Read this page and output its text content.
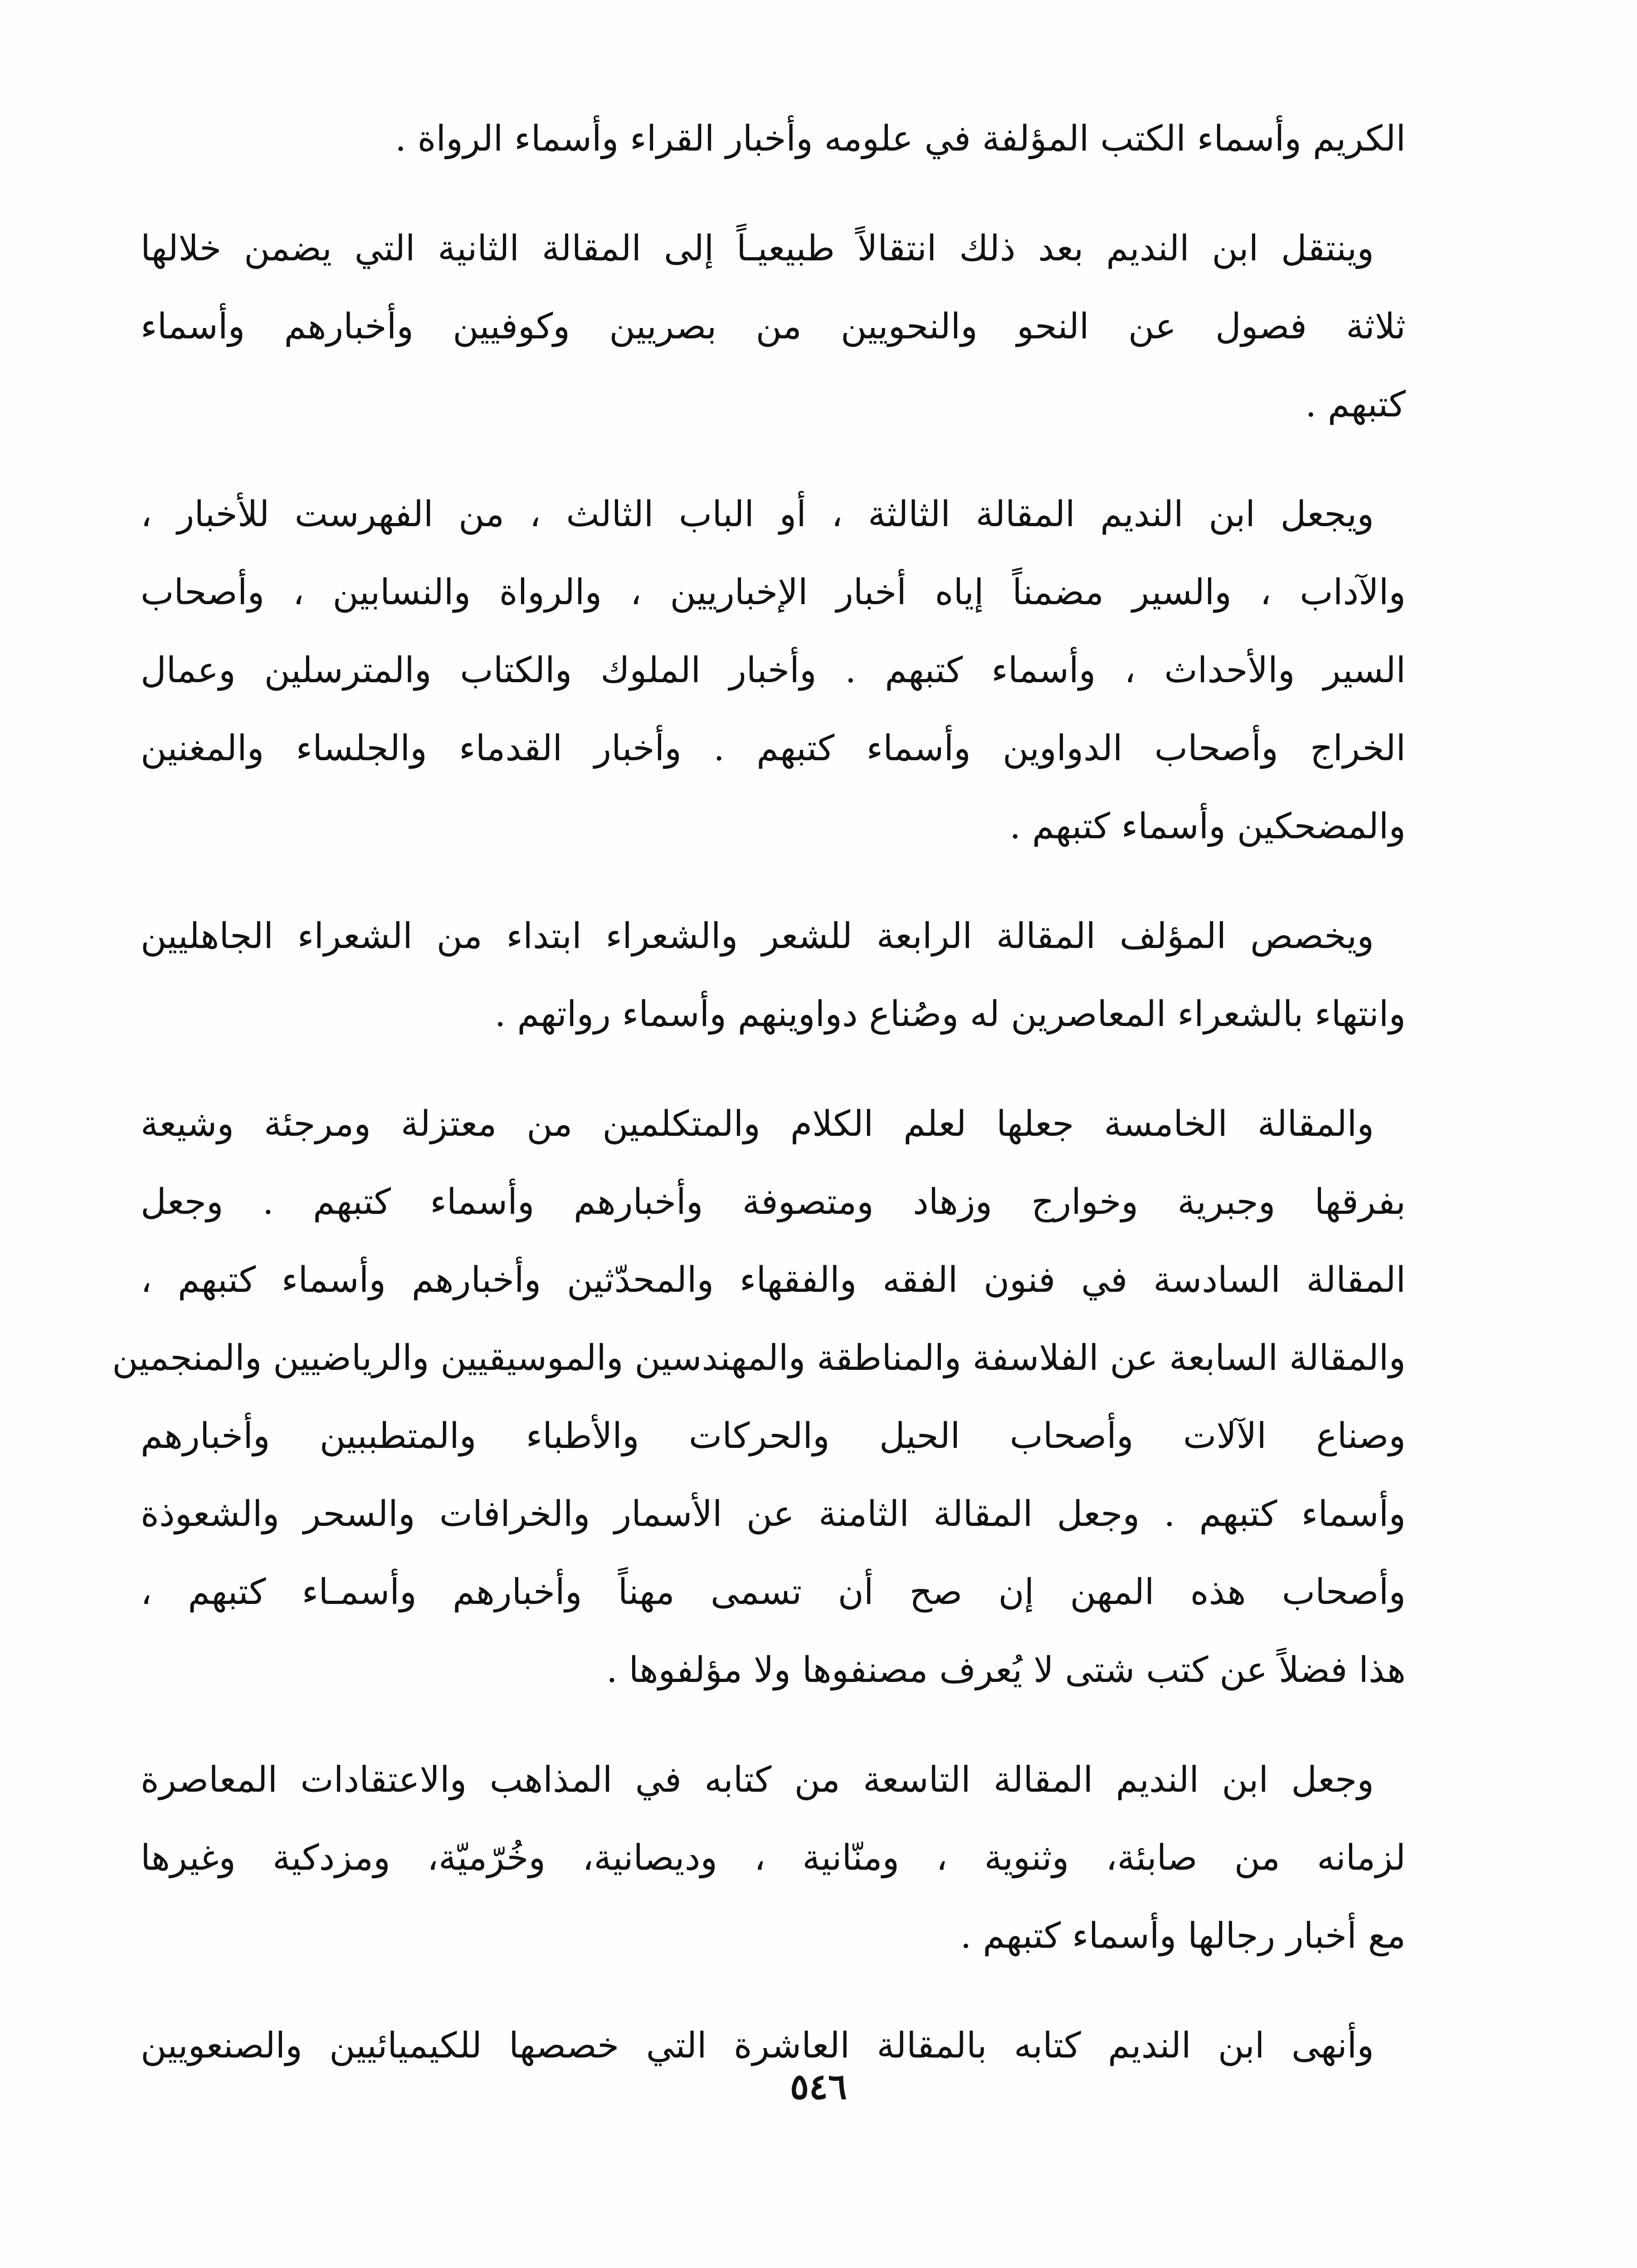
الكريم وأسماء الكتب المؤلفة في علومه وأخبار القراء وأسماء الرواة .
وينتقل ابن النديم بعد ذلك انتقالاً طبيعيـاً إلى المقالة الثانية التي يضمن خلالها
ثلاثة فصول عن النحو والنحويين من بصريين وكوفيين وأخبارهم وأسماء
كتبهم .
ويجعل ابن النديم المقالة الثالثة ، أو الباب الثالث ، من الفهرست للأخبار ،
والآداب ، والسير مضمناً إياه أخبار الإخباريين ، والرواة والنسابين ، وأصحاب
السير والأحداث ، وأسماء كتبهم . وأخبار الملوك والكتاب والمترسلين وعمال
الخراج وأصحاب الدواوين وأسماء كتبهم . وأخبار القدماء والجلساء والمغنين
والمضحكين وأسماء كتبهم .
ويخصص المؤلف المقالة الرابعة للشعر والشعراء ابتداء من الشعراء الجاهليين
وانتهاء بالشعراء المعاصرين له وصُناع دواوينهم وأسماء رواتهم .
والمقالة الخامسة جعلها لعلم الكلام والمتكلمين من معتزلة ومرجئة وشيعة
بفرقها وجبرية وخوارج وزهاد ومتصوفة وأخبارهم وأسماء كتبهم . وجعل
المقالة السادسة في فنون الفقه والفقهاء والمحدّثين وأخبارهم وأسماء كتبهم ،
والمقالة السابعة عن الفلاسفة والمناطقة والمهندسين والموسيقيين والرياضيين والمنجمين
وصناع الآلات وأصحاب الحيل والحركات والأطباء والمتطببين وأخبارهم
وأسماء كتبهم . وجعل المقالة الثامنة عن الأسمار والخرافات والسحر والشعوذة
وأصحاب هذه المهن إن صح أن تسمى مهناً وأخبارهم وأسمـاء كتبهم ،
هذا فضلاً عن كتب شتى لا يُعرف مصنفوها ولا مؤلفوها .
وجعل ابن النديم المقالة التاسعة من كتابه في المذاهب والاعتقادات المعاصرة
لزمانه من صابئة، وثنوية ، ومنّانية ، وديصانية، وخُرّميّة، ومزدكية وغيرها
مع أخبار رجالها وأسماء كتبهم .
وأنهى ابن النديم كتابه بالمقالة العاشرة التي خصصها للكيميائيين والصنعويين
٥٤٦
